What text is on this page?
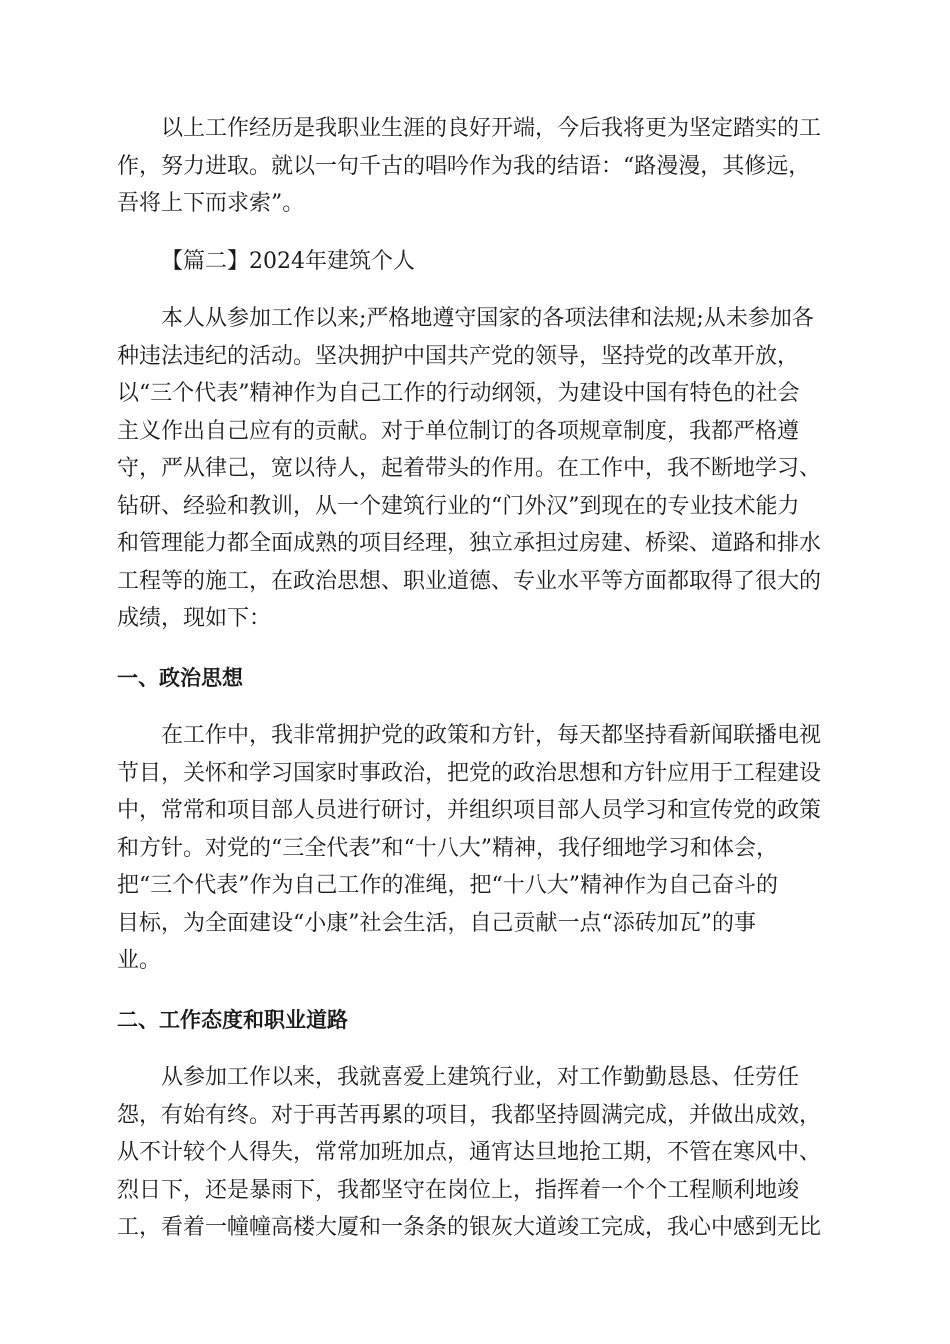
以上工作经历是我职业生涯的良好开端，今后我将更为坚定踏实的工
作，努力进取。就以一句千古的唱吟作为我的结语：“路漫漫，其修远，
吾将上下而求索”。

【篇二】2024年建筑个人

本人从参加工作以来;严格地遵守国家的各项法律和法规;从未参加各
种违法违纪的活动。坚决拥护中国共产党的领导，坚持党的改革开放，
以“三个代表”精神作为自己工作的行动纲领，为建设中国有特色的社会
主义作出自己应有的贡献。对于单位制订的各项规章制度，我都严格遵
守，严从律己，宽以待人，起着带头的作用。在工作中，我不断地学习、
钻研、经验和教训，从一个建筑行业的“门外汉”到现在的专业技术能力
和管理能力都全面成熟的项目经理，独立承担过房建、桥梁、道路和排水
工程等的施工，在政治思想、职业道德、专业水平等方面都取得了很大的
成绩，现如下：

一、政治思想

在工作中，我非常拥护党的政策和方针，每天都坚持看新闻联播电视
节目，关怀和学习国家时事政治，把党的政治思想和方针应用于工程建设
中，常常和项目部人员进行研讨，并组织项目部人员学习和宣传党的政策
和方针。对党的“三全代表”和“十八大”精神，我仔细地学习和体会，
把“三个代表”作为自己工作的准绳，把“十八大”精神作为自己奋斗的
目标，为全面建设“小康”社会生活，自己贡献一点“添砖加瓦”的事
业。

二、工作态度和职业道路

从参加工作以来，我就喜爱上建筑行业，对工作勤勤恳恳、任劳任
怨，有始有终。对于再苦再累的项目，我都坚持圆满完成，并做出成效，
从不计较个人得失，常常加班加点，通宵达旦地抢工期，不管在寒风中、
烈日下，还是暴雨下，我都坚守在岗位上，指挥着一个个工程顺利地竣
工，看着一幢幢高楼大厦和一条条的银灰大道竣工完成，我心中感到无比
